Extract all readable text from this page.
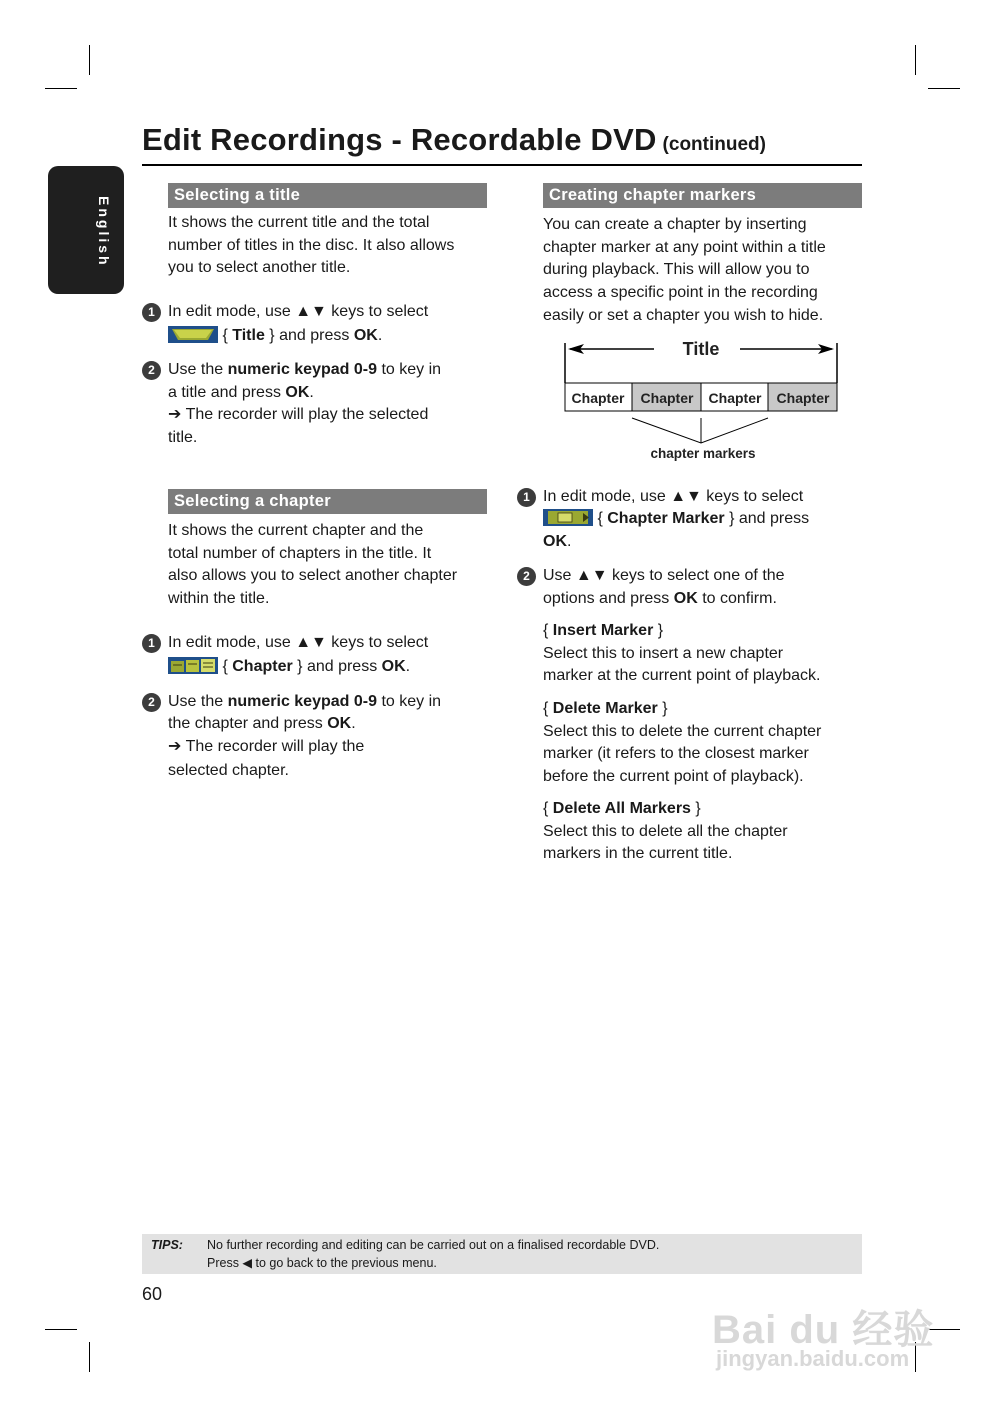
Edit Recordings - Recordable DVD (continued)
English
Selecting a title
It shows the current title and the total
number of titles in the disc. It also allows
you to select another title.
1 In edit mode, use ▲▼ keys to select
{ Title } and press OK.
2 Use the numeric keypad 0-9 to key in
a title and press OK.
➔ The recorder will play the selected
title.
Selecting a chapter
It shows the current chapter and the
total number of chapters in the title. It
also allows you to select another chapter
within the title.
1 In edit mode, use ▲▼ keys to select
{ Chapter } and press OK.
2 Use the numeric keypad 0-9 to key in
the chapter and press OK.
➔ The recorder will play the
selected chapter.
Creating chapter markers
You can create a chapter by inserting
chapter marker at any point within a title
during playback. This will allow you to
access a specific point in the recording
easily or set a chapter you wish to hide.
Title
Chapter Chapter Chapter Chapter
chapter markers
1 In edit mode, use ▲▼ keys to select
{ Chapter Marker } and press
OK.
2 Use ▲▼ keys to select one of the
options and press OK to confirm.
{ Insert Marker }
Select this to insert a new chapter
marker at the current point of playback.
{ Delete Marker }
Select this to delete the current chapter
marker (it refers to the closest marker
before the current point of playback).
{ Delete All Markers }
Select this to delete all the chapter
markers in the current title.
TIPS: No further recording and editing can be carried out on a finalised recordable DVD.
Press ◀ to go back to the previous menu.
60
Bai du 经验
jingyan.baidu.com
